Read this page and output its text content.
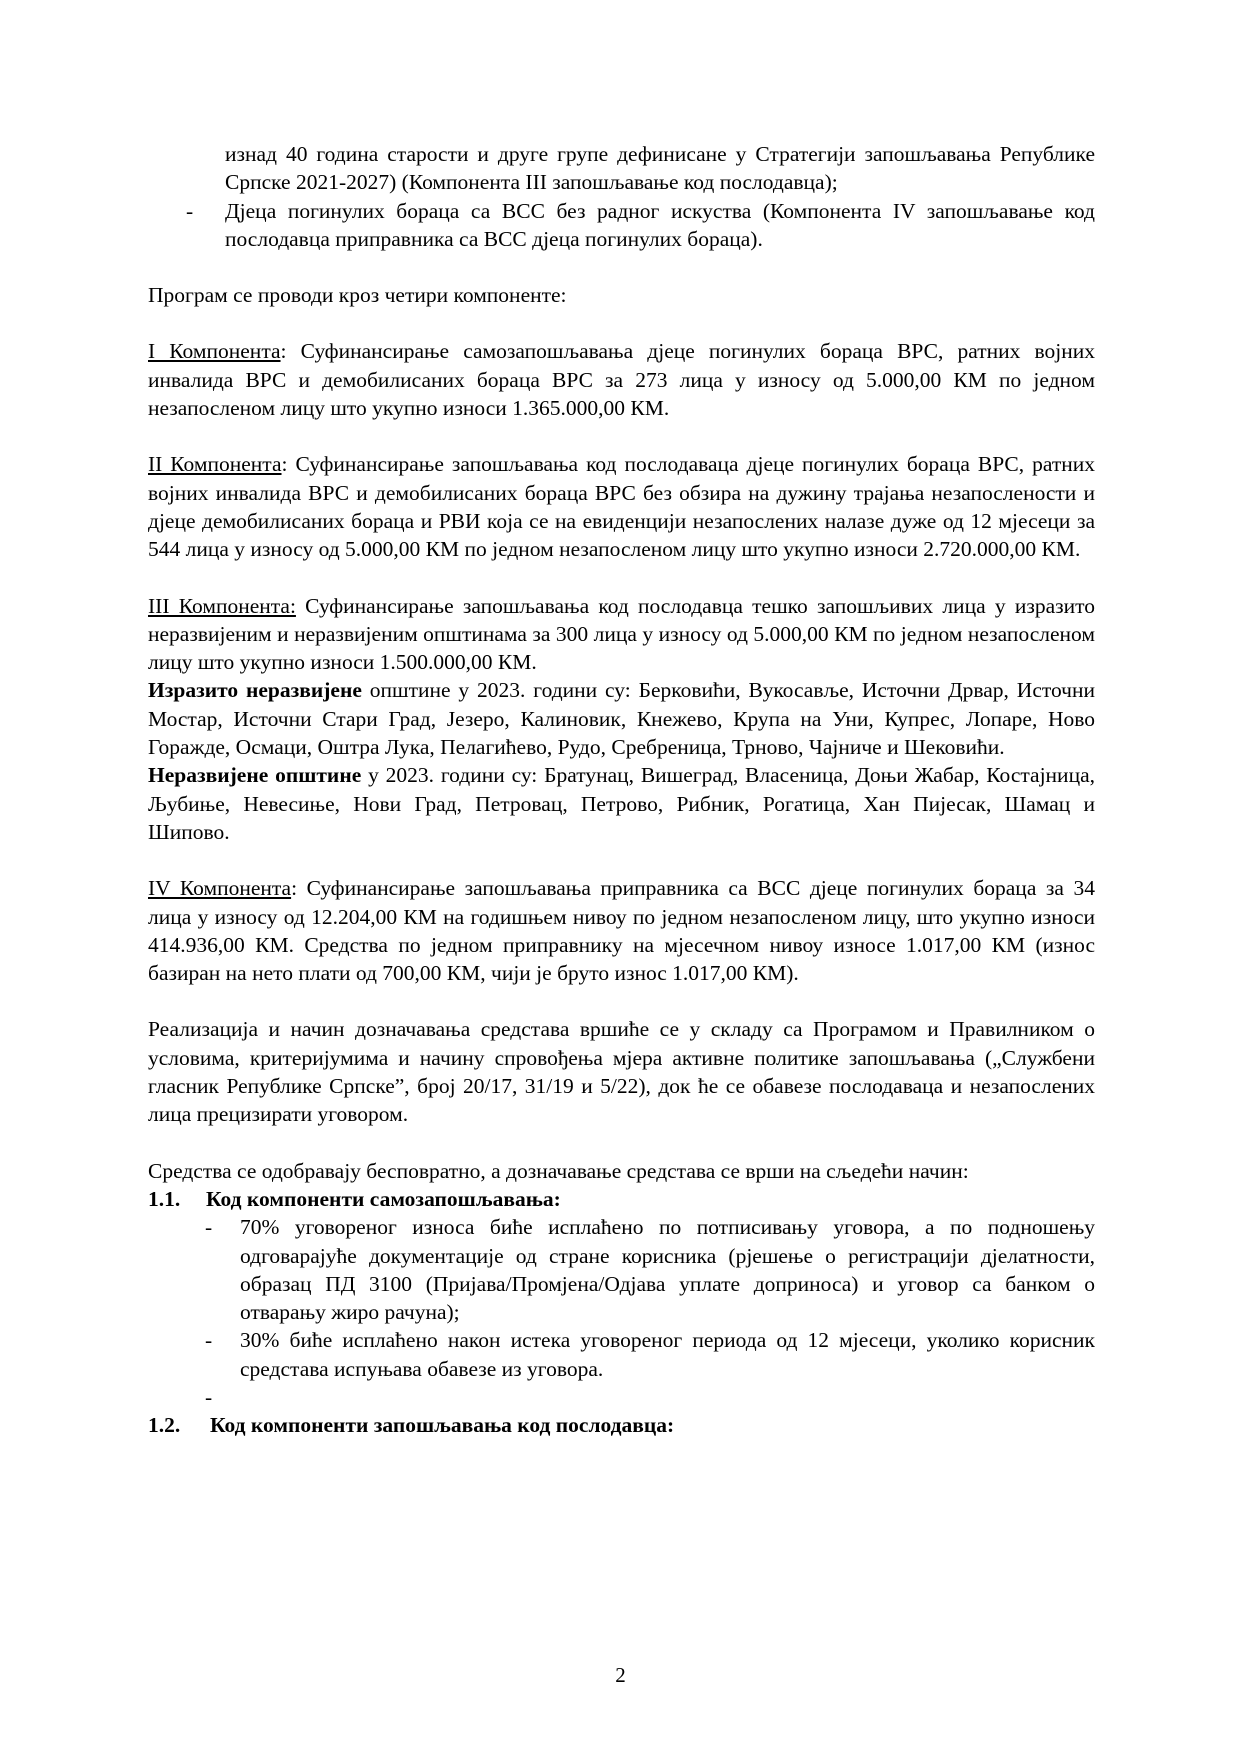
изнад 40 година старости и друге групе дефинисане у Стратегији запошљавања Републике Српске 2021-2027) (Компонента III запошљавање код послодавца);

- Дјеца погинулих бораца са ВСС без радног искуства (Компонента IV запошљавање код послодавца приправника са ВСС дјеца погинулих бораца).

Програм се проводи кроз четири компоненте:

I Компонента: Суфинансирање самозапошљавања дјеце погинулих бораца ВРС, ратних војних инвалида ВРС и демобилисаних бораца ВРС за 273 лица у износу од 5.000,00 КМ по једном незапосленом лицу што укупно износи 1.365.000,00 КМ.

II Компонента: Суфинансирање запошљавања код послодаваца дјеце погинулих бораца ВРС, ратних војних инвалида ВРС и демобилисаних бораца ВРС без обзира на дужину трајања незапослености и дјеце демобилисаних бораца и РВИ која се на евиденцији незапослених налазе дуже од 12 мјесеци за 544 лица у износу од 5.000,00 КМ по једном незапосленом лицу што укупно износи 2.720.000,00 КМ.

III Компонента: Суфинансирање запошљавања код послодавца тешко запошљивих лица у изразито неразвијеним и неразвијеним општинама за 300 лица у износу од 5.000,00 КМ по једном незапосленом лицу што укупно износи 1.500.000,00 КМ.

Изразито неразвијене општине у 2023. години су: Берковићи, Вукосавље, Источни Дрвар, Источни Мостар, Источни Стари Град, Језеро, Калиновик, Кнежево, Крупа на Уни, Купрес, Лопаре, Ново Горажде, Осмаци, Оштра Лука, Пелагићево, Рудо, Сребреница, Трново, Чајниче и Шековићи.

Неразвијене општине у 2023. години су: Братунац, Вишеград, Власеница, Доњи Жабар, Костајница, Љубиње, Невесиње, Нови Град, Петровац, Петрово, Рибник, Рогатица, Хан Пијесак, Шамац и Шипово.

IV Компонента: Суфинансирање запошљавања приправника са ВСС дјеце погинулих бораца за 34 лица у износу од 12.204,00 КМ на годишњем нивоу по једном незапосленом лицу, што укупно износи 414.936,00 КМ. Средства по једном приправнику на мјесечном нивоу износе 1.017,00 КМ (износ базиран на нето плати од 700,00 КМ, чији је бруто износ 1.017,00 КМ).

Реализација и начин дозначавања средстава вршиће се у складу са Програмом и Правилником о условима, критеријумима и начину спровођења мјера активне политике запошљавања („Службени гласник Републике Српске”, број 20/17, 31/19 и 5/22), док ће се обавезе послодаваца и незапослених лица прецизирати уговором.

Средства се одобравају бесповратно, а дозначавање средстава се врши на сљедећи начин:

1.1. Код компоненти самозапошљавања:

- 70% уговореног износа биће исплаћено по потписивању уговора, а по подношењу одговарајуће документације од стране корисника (рјешење о регистрацији дјелатности, образац ПД 3100 (Пријава/Промјена/Одјава уплате доприноса) и уговор са банком о отварању жиро рачуна);

- 30% биће исплаћено након истека уговореног периода од 12 мјесеци, уколико корисник средстава испуњава обавезе из уговора.

-

1.2. Код компоненти запошљавања код послодавца:

2
